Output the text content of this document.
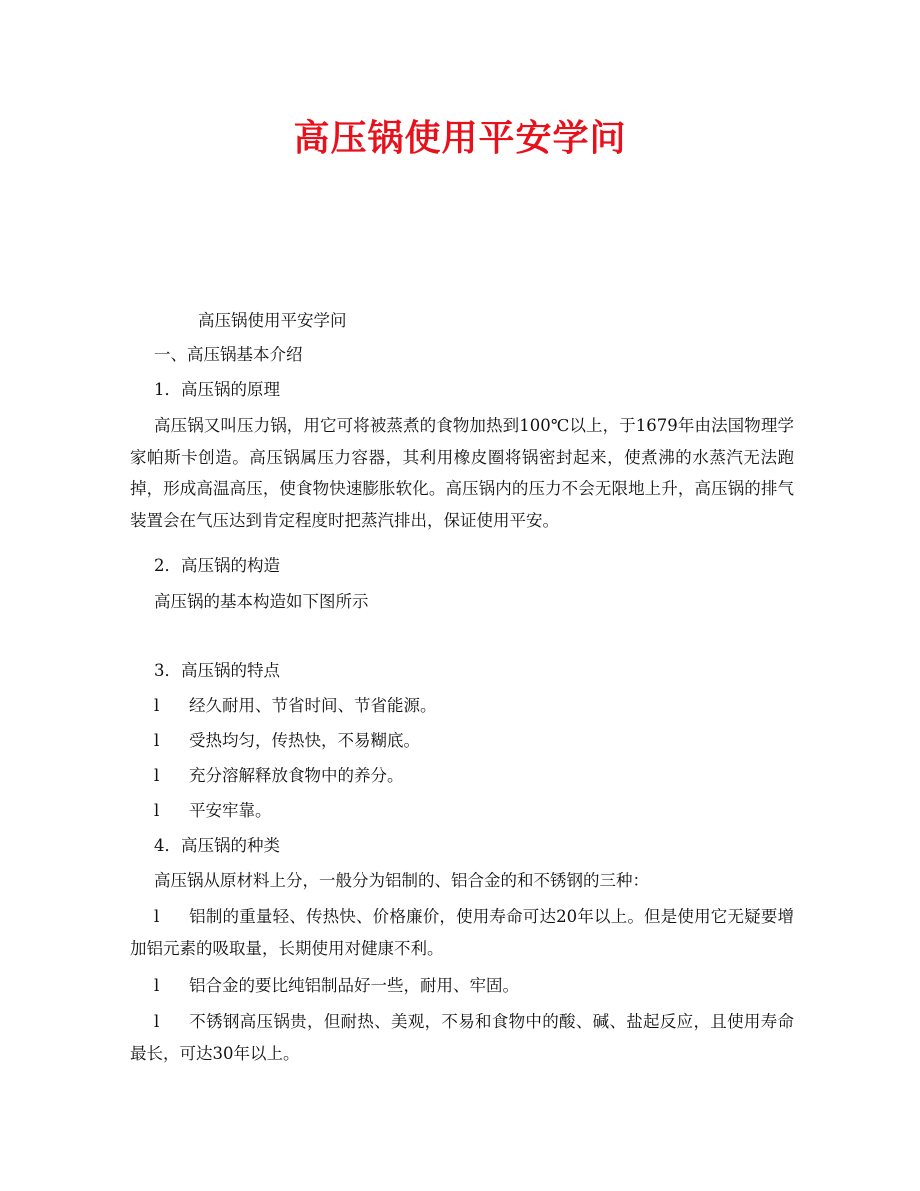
高压锅使用平安学问
高压锅使用平安学问
一、高压锅基本介绍
1．高压锅的原理
高压锅又叫压力锅，用它可将被蒸煮的食物加热到100℃以上，于1679年由法国物理学家帕斯卡创造。高压锅属压力容器，其利用橡皮圈将锅密封起来，使煮沸的水蒸汽无法跑掉，形成高温高压，使食物快速膨胀软化。高压锅内的压力不会无限地上升，高压锅的排气装置会在气压达到肯定程度时把蒸汽排出，保证使用平安。
2．高压锅的构造
高压锅的基本构造如下图所示
3．高压锅的特点
l 经久耐用、节省时间、节省能源。
l 受热均匀，传热快，不易糊底。
l 充分溶解释放食物中的养分。
l 平安牢靠。
4．高压锅的种类
高压锅从原材料上分，一般分为铝制的、铝合金的和不锈钢的三种：
l 铝制的重量轻、传热快、价格廉价，使用寿命可达20年以上。但是使用它无疑要增加铝元素的吸取量，长期使用对健康不利。
l 铝合金的要比纯铝制品好一些，耐用、牢固。
l 不锈钢高压锅贵，但耐热、美观，不易和食物中的酸、碱、盐起反应，且使用寿命最长，可达30年以上。
